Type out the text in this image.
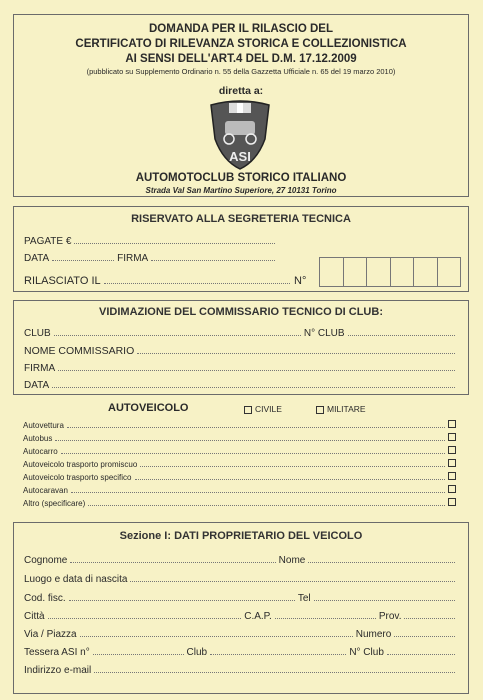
DOMANDA PER IL RILASCIO DEL
CERTIFICATO DI RILEVANZA STORICA E COLLEZIONISTICA
AI SENSI DELL'ART.4 DEL D.M. 17.12.2009
(pubblicato su Supplemento Ordinario n. 55 della Gazzetta Ufficiale n. 65 del 19 marzo 2010)
diretta a:
ASI
AUTOMOTOCLUB STORICO ITALIANO
Strada Val San Martino Superiore, 27 10131 Torino
RISERVATO ALLA SEGRETERIA TECNICA
PAGATE €
DATA	FIRMA
RILASCIATO IL	N°
VIDIMAZIONE DEL COMMISSARIO TECNICO DI CLUB:
CLUB	N° CLUB
NOME COMMISSARIO
FIRMA
DATA
AUTOVEICOLO	CIVILE	MILITARE
Autovettura
Autobus
Autocarro
Autoveicolo trasporto promiscuo
Autoveicolo trasporto specifico
Autocaravan
Altro (specificare)
Sezione I: DATI PROPRIETARIO DEL VEICOLO
Cognome	Nome
Luogo e data di nascita
Cod. fisc.	Tel
Città	C.A.P.	Prov.
Via / Piazza	Numero
Tessera ASI n°	Club	N° Club
Indirizzo e-mail
